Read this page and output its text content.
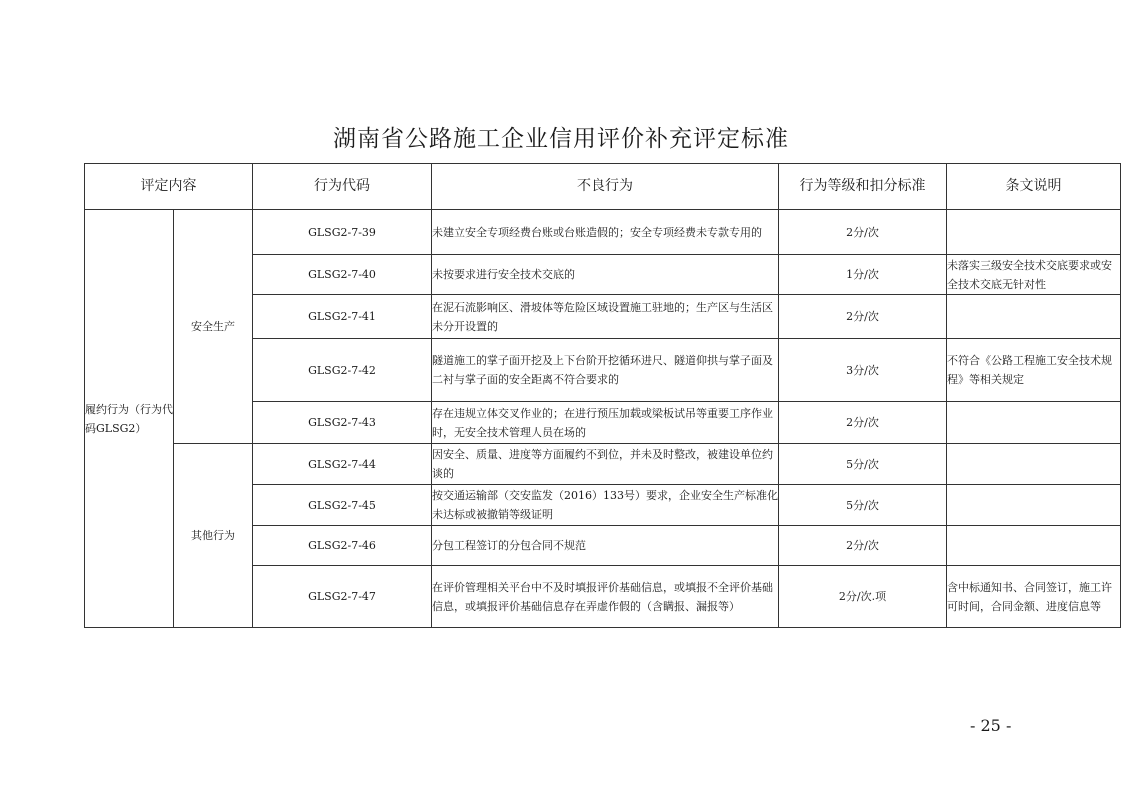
湖南省公路施工企业信用评价补充评定标准
评定内容		行为代码	不良行为	行为等级和扣分标准	条文说明
履约行为（行为代码GLSG2）	安全生产	GLSG2-7-39	未建立安全专项经费台账或台账造假的；安全专项经费未专款专用的	2分/次	
		GLSG2-7-40	未按要求进行安全技术交底的	1分/次	未落实三级安全技术交底要求或安全技术交底无针对性
		GLSG2-7-41	在泥石流影响区、滑坡体等危险区域设置施工驻地的；生产区与生活区未分开设置的	2分/次	
		GLSG2-7-42	隧道施工的掌子面开挖及上下台阶开挖循环进尺、隧道仰拱与掌子面及二衬与掌子面的安全距离不符合要求的	3分/次	不符合《公路工程施工安全技术规程》等相关规定
		GLSG2-7-43	存在违规立体交叉作业的；在进行预压加载或梁板试吊等重要工序作业时，无安全技术管理人员在场的	2分/次	
	其他行为	GLSG2-7-44	因安全、质量、进度等方面履约不到位，并未及时整改，被建设单位约谈的	5分/次	
		GLSG2-7-45	按交通运输部（交安监发（2016）133号）要求，企业安全生产标准化未达标或被撤销等级证明	5分/次	
		GLSG2-7-46	分包工程签订的分包合同不规范	2分/次	
		GLSG2-7-47	在评价管理相关平台中不及时填报评价基础信息，或填报不全评价基础信息，或填报评价基础信息存在弄虚作假的（含瞒报、漏报等）	2分/次.项	含中标通知书、合同签订，施工许可时间，合同金额、进度信息等
- 25 -
